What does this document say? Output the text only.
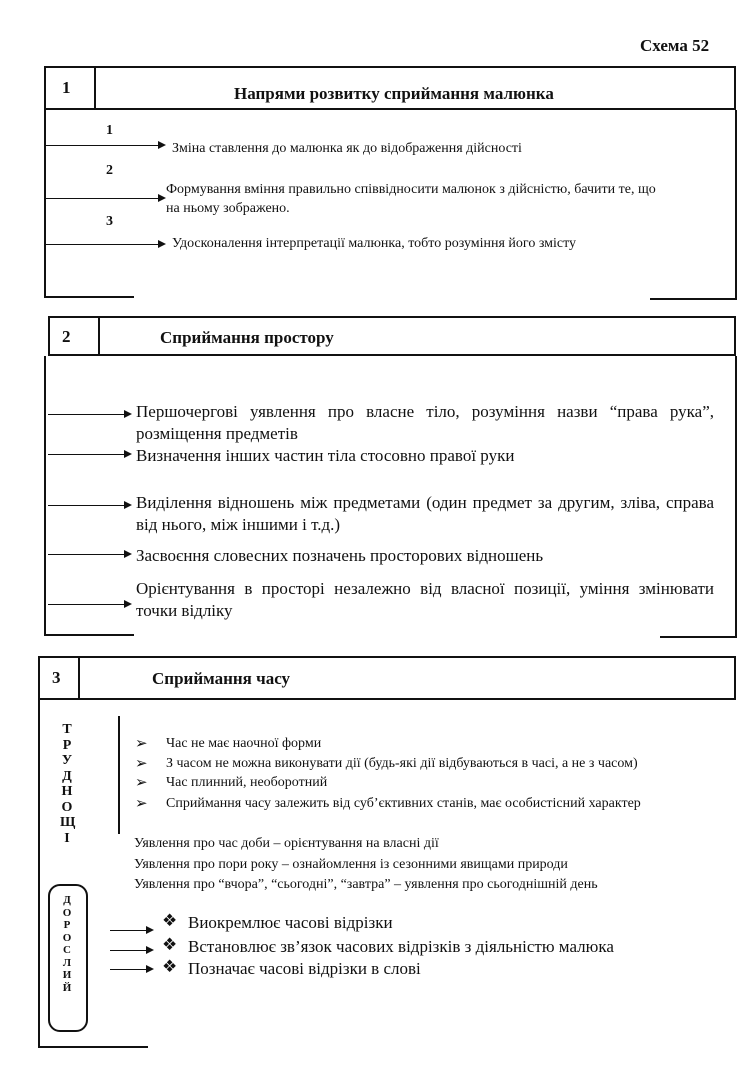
Схема 52
1	Напрями розвитку сприймання малюнка
1
Зміна ставлення до малюнка як до відображення дійсності
2
Формування вміння правильно співвідносити малюнок з дійсністю, бачити те, що на ньому зображено.
3
Удосконалення інтерпретації малюнка, тобто розуміння його змісту
2	Сприймання простору
Першочергові уявлення про власне тіло, розуміння назви “права рука”, розміщення предметів
Визначення інших частин тіла стосовно правої руки
Виділення відношень між предметами (один предмет за другим, зліва, справа від нього, між іншими і т.д.)
Засвоєння словесних позначень просторових відношень
Орієнтування в просторі незалежно від власної позиції, уміння змінювати точки відліку
3	Сприймання часу
ТРУДНОЩІ
➢ Час не має наочної форми
➢ З часом не можна виконувати дії (будь-які дії відбуваються в часі, а не з часом)
➢ Час плинний, необоротний
➢ Сприймання часу залежить від суб’єктивних станів, має особистісний характер
Уявлення про час доби – орієнтування на власні дії
Уявлення про пори року – ознайомлення із сезонними явищами природи
Уявлення про “вчора”, “сьогодні”, “завтра” – уявлення про сьогоднішній день
ДОРОСЛИЙ
❖ Виокремлює часові відрізки
❖ Встановлює зв’язок часових відрізків з діяльністю малюка
❖ Позначає часові відрізки в слові
